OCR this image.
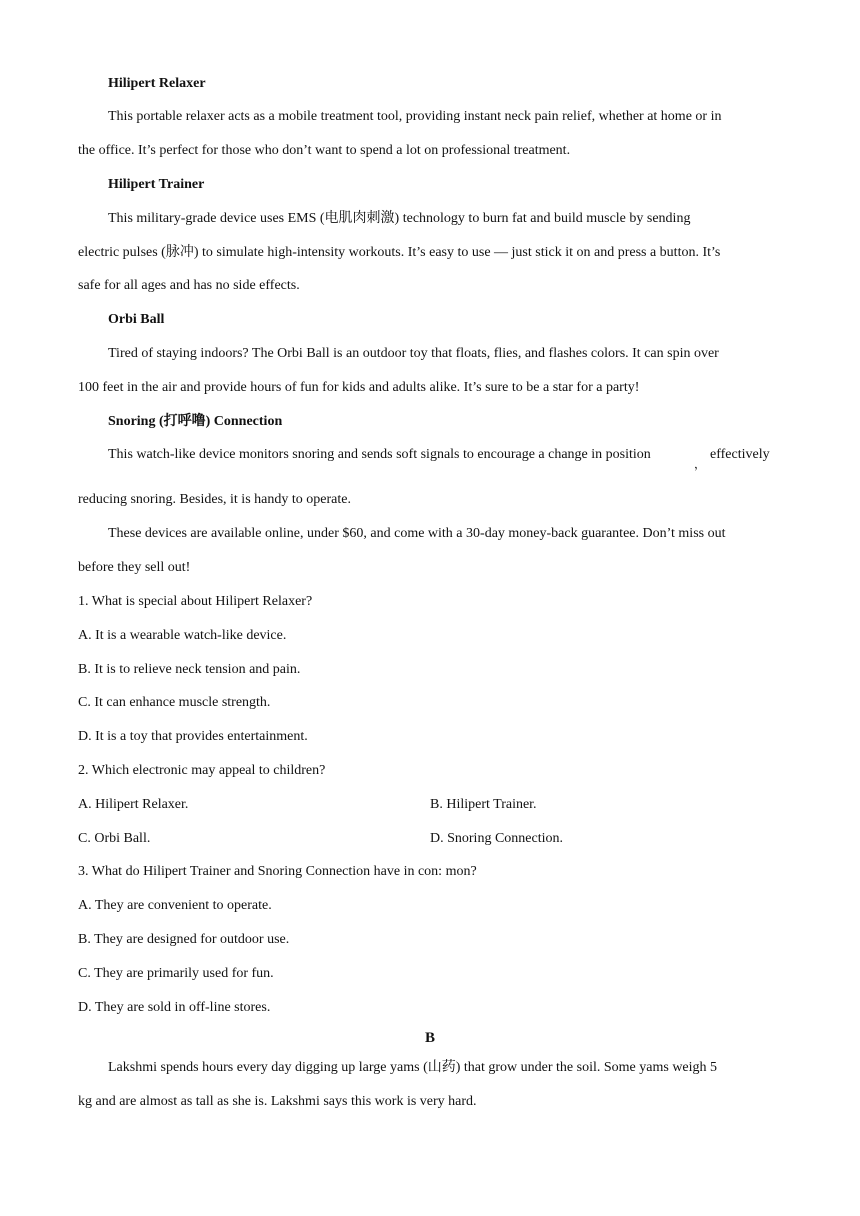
Hilipert Relaxer
This portable relaxer acts as a mobile treatment tool, providing instant neck pain relief, whether at home or in
the office. It’s perfect for those who don’t want to spend a lot on professional treatment.
Hilipert Trainer
This military-grade device uses EMS (电肌肉刺激) technology to burn fat and build muscle by sending
electric pulses (脉冲) to simulate high-intensity workouts. It’s easy to use — just stick it on and press a button. It’s
safe for all ages and has no side effects.
Orbi Ball
Tired of staying indoors? The Orbi Ball is an outdoor toy that floats, flies, and flashes colors. It can spin over
100 feet in the air and provide hours of fun for kids and adults alike. It’s sure to be a star for a party!
Snoring (打呼噜) Connection
This watch-like device monitors snoring and sends soft signals to encourage a change in position
，
effectively
reducing snoring. Besides, it is handy to operate.
These devices are available online, under $60, and come with a 30-day money-back guarantee. Don’t miss out
before they sell out!
1. What is special about Hilipert Relaxer?
A. It is a wearable watch-like device.
B. It is to relieve neck tension and pain.
C. It can enhance muscle strength.
D. It is a toy that provides entertainment.
2. Which electronic may appeal to children?
A. Hilipert Relaxer.	B. Hilipert Trainer.
C. Orbi Ball.	D. Snoring Connection.
3. What do Hilipert Trainer and Snoring Connection have in con: mon?
A. They are convenient to operate.
B. They are designed for outdoor use.
C. They are primarily used for fun.
D. They are sold in off-line stores.
B
Lakshmi spends hours every day digging up large yams (山药) that grow under the soil. Some yams weigh 5
kg and are almost as tall as she is. Lakshmi says this work is very hard.
